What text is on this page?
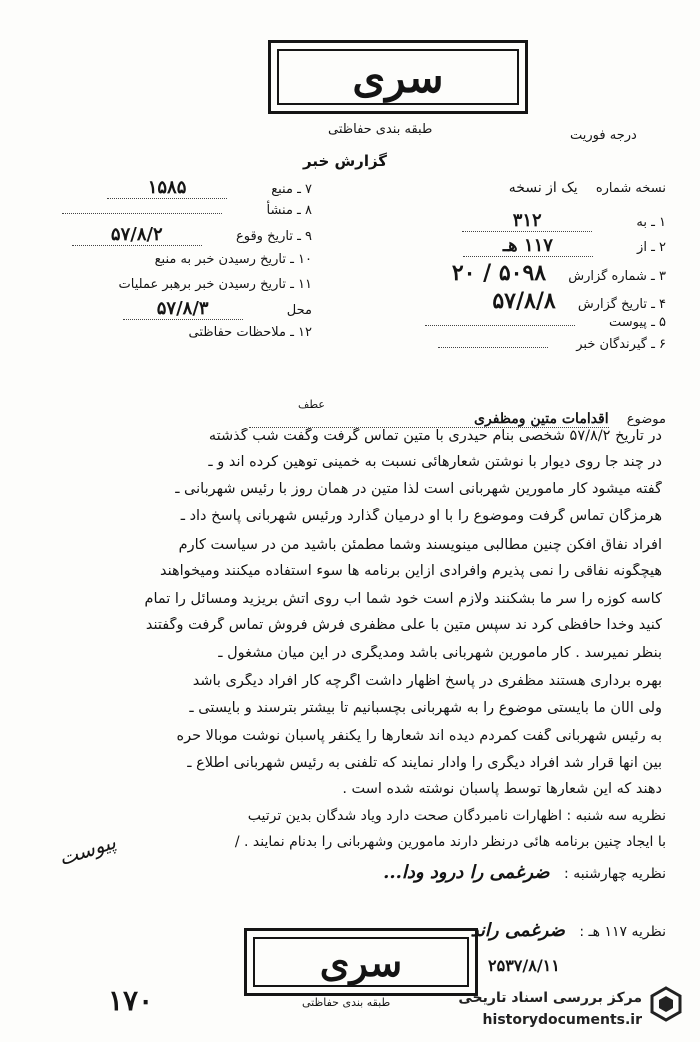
سری
طبقه بندی حفاظتی	درجه فوریت
گزارش خبر
نسخه شماره یک از نسخه
۱ ـ به ۳۱۲
۲ ـ از ۱۱۷ هـ
۳ ـ شماره گزارش ۵۰۹۸ / ۲۰
۴ ـ تاریخ گزارش ۵۷/۸/۸
۵ ـ پیوست
۶ ـ گیرندگان خبر
۷ ـ منبع ۱۵۸۵
۸ ـ منشأ
۹ ـ تاریخ وقوع ۵۷/۸/۲
۱۰ ـ تاریخ رسیدن خبر به منبع
۱۱ ـ تاریخ رسیدن خبر برهبر عملیات
محل ۵۷/۸/۳
۱۲ ـ ملاحظات حفاظتی
عطف
موضوع اقدامات متین ومظفری
در تاریخ ۵۷/۸/۲ شخصی بنام حیدری با متین تماس گرفت وگفت شب گذشته
در چند جا روی دیوار با نوشتن شعارهائی نسبت به خمینی توهین کرده اند و ـ
گفته میشود کار مامورین شهربانی است لذا متین در همان روز با رئیس شهربانی ـ
هرمزگان تماس گرفت وموضوع را با او درمیان گذارد ورئیس شهربانی پاسخ داد ـ
افراد نفاق افکن چنین مطالبی مینویسند وشما مطمئن باشید من در سیاست کارم
هیچگونه نفاقی را نمی پذیرم وافرادی ازاین برنامه ها سوء استفاده میکنند ومیخواهند
کاسه کوزه را سر ما بشکنند ولازم است خود شما آب روی آتش بریزید ومسائل را تمام
کنید وخدا حافظی کرد ند سپس متین با علی مظفری فرش فروش تماس گرفت وگفتند
بنظر نمیرسد . کار مامورین شهربانی باشد ومدیگری در این میان مشغول ـ
بهره برداری هستند مظفری در پاسخ اظهار داشت اگرچه کار افراد دیگری باشد
ولی الآن ما بایستی موضوع را به شهربانی بچسبانیم تا بیشتر بترسند و بایستی ـ
به رئیس شهربانی گفت کمردم دیده اند شعارها را یکنفر پاسبان نوشت موبالا حره
بین آنها قرار شد افراد دیگری را وادار نمایند که تلفنی به رئیس شهربانی اطلاع ـ
دهند که این شعارها توسط پاسبان نوشته شده است .
نظریه سه شنبه : اظهارات نامبردگان صحت دارد ویاد شدگان بدین ترتیب
با ایجاد چنین برنامه هائی درنظر دارند مامورین وشهربانی را بدنام نمایند . /
نظریه چهارشنبه : ضرغمی را درود ودا...
پیوست
نظریه ۱۱۷ هـ : ضرغمی راند
۲۵۳۷/۸/۱۱
سری
طبقه بندی حفاظتی
۱۷۰	مرکز بررسی اسناد تاریخی
historydocuments.ir
